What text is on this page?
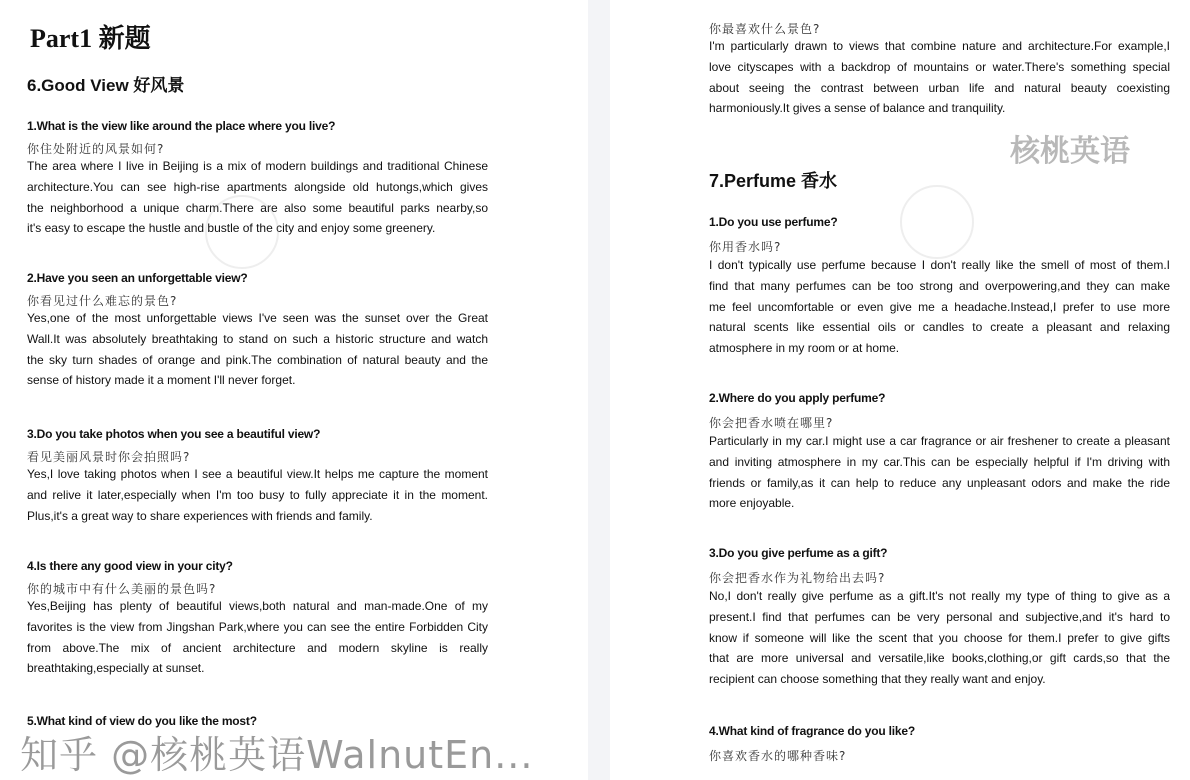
Part1 新题
6.Good View 好风景
知乎 @核桃英语WalnutEn...
1.What is the view like around the place where you live?
你住处附近的风景如何?
The area where I live in Beijing is a mix of modern buildings and traditional Chinese
architecture.You can see high-rise apartments alongside old hutongs,which gives
the neighborhood a unique charm.There are also some beautiful parks nearby,so
it's easy to escape the hustle and bustle of the city and enjoy some greenery.
2.Have you seen an unforgettable view?
你看见过什么难忘的景色?
Yes,one of the most unforgettable views I've seen was the sunset over the Great
Wall.It was absolutely breathtaking to stand on such a historic structure and watch
the sky turn shades of orange and pink.The combination of natural beauty and the
sense of history made it a moment I'll never forget.
3.Do you take photos when you see a beautiful view?
看见美丽风景时你会拍照吗?
Yes,I love taking photos when I see a beautiful view.It helps me capture the moment
and relive it later,especially when I'm too busy to fully appreciate it in the moment.
Plus,it's a great way to share experiences with friends and family.
4.Is there any good view in your city?
你的城市中有什么美丽的景色吗?
Yes,Beijing has plenty of beautiful views,both natural and man-made.One of my
favorites is the view from Jingshan Park,where you can see the entire Forbidden City
from above.The mix of ancient architecture and modern skyline is really
breathtaking,especially at sunset.
5.What kind of view do you like the most?
7.Perfume 香水
核桃英语
你最喜欢什么景色?
I'm particularly drawn to views that combine nature and architecture.For example,I
love cityscapes with a backdrop of mountains or water.There's something special
about seeing the contrast between urban life and natural beauty coexisting
harmoniously.It gives a sense of balance and tranquility.
1.Do you use perfume?
你用香水吗?
I don't typically use perfume because I don't really like the smell of most of them.I
find that many perfumes can be too strong and overpowering,and they can make
me feel uncomfortable or even give me a headache.Instead,I prefer to use more
natural scents like essential oils or candles to create a pleasant and relaxing
atmosphere in my room or at home.
2.Where do you apply perfume?
你会把香水喷在哪里?
Particularly in my car.I might use a car fragrance or air freshener to create a pleasant
and inviting atmosphere in my car.This can be especially helpful if I'm driving with
friends or family,as it can help to reduce any unpleasant odors and make the ride
more enjoyable.
3.Do you give perfume as a gift?
你会把香水作为礼物给出去吗?
No,I don't really give perfume as a gift.It's not really my type of thing to give as a
present.I find that perfumes can be very personal and subjective,and it's hard to
know if someone will like the scent that you choose for them.I prefer to give gifts
that are more universal and versatile,like books,clothing,or gift cards,so that the
recipient can choose something that they really want and enjoy.
4.What kind of fragrance do you like?
你喜欢香水的哪种香味?
